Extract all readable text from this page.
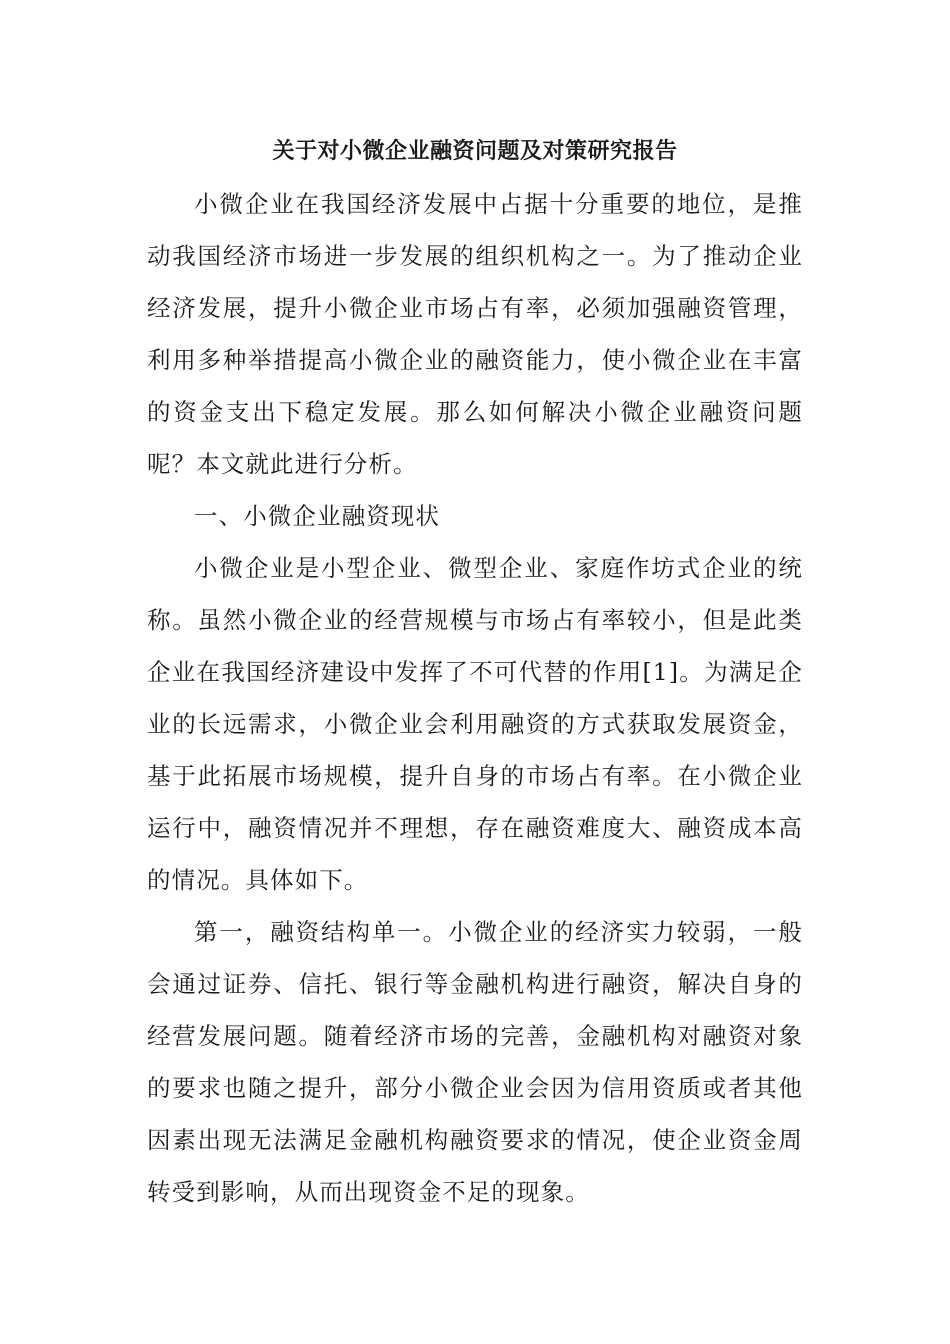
关于对小微企业融资问题及对策研究报告

小微企业在我国经济发展中占据十分重要的地位，是推动我国经济市场进一步发展的组织机构之一。为了推动企业经济发展，提升小微企业市场占有率，必须加强融资管理，利用多种举措提高小微企业的融资能力，使小微企业在丰富的资金支出下稳定发展。那么如何解决小微企业融资问题呢？本文就此进行分析。

一、小微企业融资现状

小微企业是小型企业、微型企业、家庭作坊式企业的统称。虽然小微企业的经营规模与市场占有率较小，但是此类企业在我国经济建设中发挥了不可代替的作用[1]。为满足企业的长远需求，小微企业会利用融资的方式获取发展资金，基于此拓展市场规模，提升自身的市场占有率。在小微企业运行中，融资情况并不理想，存在融资难度大、融资成本高的情况。具体如下。

第一，融资结构单一。小微企业的经济实力较弱，一般会通过证券、信托、银行等金融机构进行融资，解决自身的经营发展问题。随着经济市场的完善，金融机构对融资对象的要求也随之提升，部分小微企业会因为信用资质或者其他因素出现无法满足金融机构融资要求的情况，使企业资金周转受到影响，从而出现资金不足的现象。
